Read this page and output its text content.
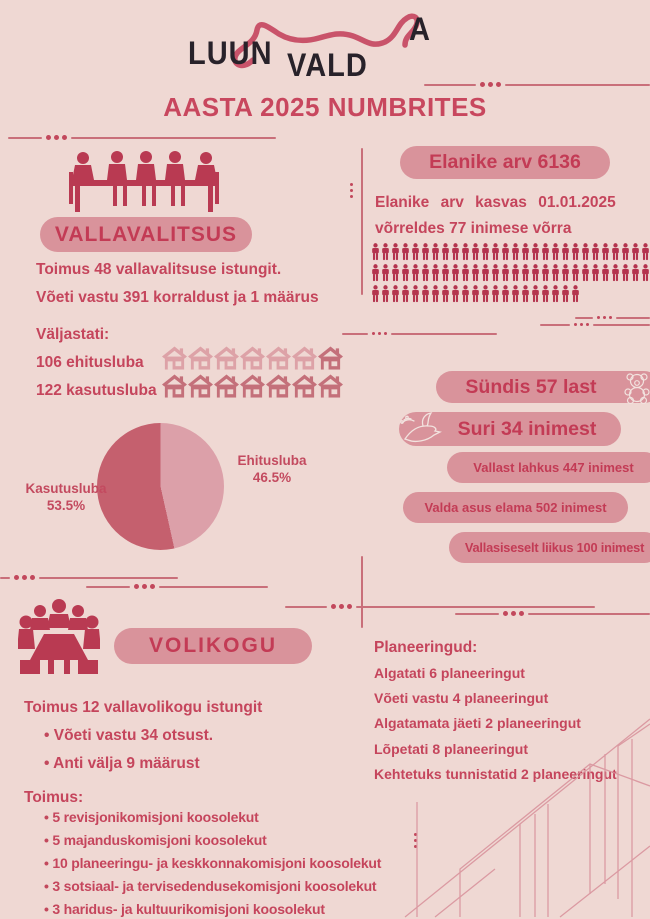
LUUN
A
VALD
AASTA 2025 NUMBRITES
VALLAVALITSUS
Toimus 48 vallavalitsuse istungit.
Võeti vastu 391 korraldust ja 1 määrus
Elanike arv 6136
Elanike arv kasvas 01.01.2025
võrreldes 77 inimese võrra
Väljastati:
106 ehitusluba
122 kasutusluba
Ehitusluba
46.5%
Kasutusluba
53.5%
Sündis 57 last
Suri 34 inimest
Vallast lahkus 447 inimest
Valda asus elama 502 inimest
Vallasiseselt liikus 100 inimest
VOLIKOGU
Toimus 12 vallavolikogu istungit
• Võeti vastu 34 otsust.
• Anti välja 9 määrust
Toimus:
• 5 revisjonikomisjoni koosolekut
• 5 majanduskomisjoni koosolekut
• 10 planeeringu- ja keskkonnakomisjoni koosolekut
• 3 sotsiaal- ja tervisedendusekomisjoni koosolekut
• 3 haridus- ja kultuurikomisjoni koosolekut
Planeeringud:
Algatati 6 planeeringut
Võeti vastu 4 planeeringut
Algatamata jäeti 2 planeeringut
Lõpetati 8 planeeringut
Kehtetuks tunnistatid 2 planeeringut
